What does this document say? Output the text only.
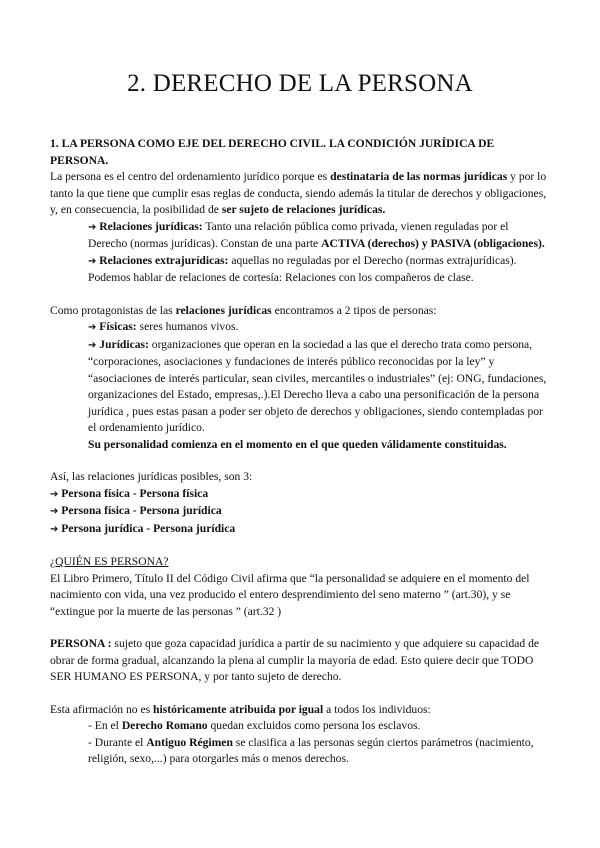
2. DERECHO DE LA PERSONA
1. LA PERSONA COMO EJE DEL DERECHO CIVIL. LA CONDICIÓN JURÍDICA DE PERSONA.
La persona es el centro del ordenamiento jurídico porque es destinataria de las normas jurídicas y por lo tanto la que tiene que cumplir esas reglas de conducta, siendo además la titular de derechos y obligaciones, y, en consecuencia, la posibilidad de ser sujeto de relaciones jurídicas.
➔ Relaciones jurídicas: Tanto una relación pública como privada, vienen reguladas por el Derecho (normas jurídicas). Constan de una parte ACTIVA (derechos) y PASIVA (obligaciones).
➔ Relaciones extrajurídicas: aquellas no reguladas por el Derecho (normas extrajurídicas). Podemos hablar de relaciones de cortesía: Relaciones con los compañeros de clase.
Como protagonistas de las relaciones jurídicas encontramos a 2 tipos de personas:
➔ Físicas: seres humanos vivos.
➔ Jurídicas: organizaciones que operan en la sociedad a las que el derecho trata como persona, “corporaciones, asociaciones y fundaciones de interés público reconocidas por la ley” y “asociaciones de interés particular, sean civiles, mercantiles o industriales” (ej: ONG, fundaciones, organizaciones del Estado, empresas,.).El Derecho lleva a cabo una personificación de la persona jurídica , pues estas pasan a poder ser objeto de derechos y obligaciones, siendo contempladas por el ordenamiento jurídico.
Su personalidad comienza en el momento en el que queden válidamente constituidas.
Así, las relaciones jurídicas posibles, son 3:
➔ Persona física - Persona física
➔ Persona física - Persona jurídica
➔ Persona jurídica - Persona jurídica
¿QUIÉN ES PERSONA?
El Libro Primero, Título II del Código Civil afirma que “la personalidad se adquiere en el momento del nacimiento con vida, una vez producido el entero desprendimiento del seno materno ” (art.30), y se “extingue por la muerte de las personas ” (art.32 )
PERSONA : sujeto que goza capacidad jurídica a partir de su nacimiento y que adquiere su capacidad de obrar de forma gradual, alcanzando la plena al cumplir la mayoría de edad. Esto quiere decir que TODO SER HUMANO ES PERSONA, y por tanto sujeto de derecho.
Esta afirmación no es históricamente atribuida por igual a todos los individuos:
- En el Derecho Romano quedan excluidos como persona los esclavos.
- Durante el Antiguo Régimen se clasifica a las personas según ciertos parámetros (nacimiento, religión, sexo,...) para otorgarles más o menos derechos.
